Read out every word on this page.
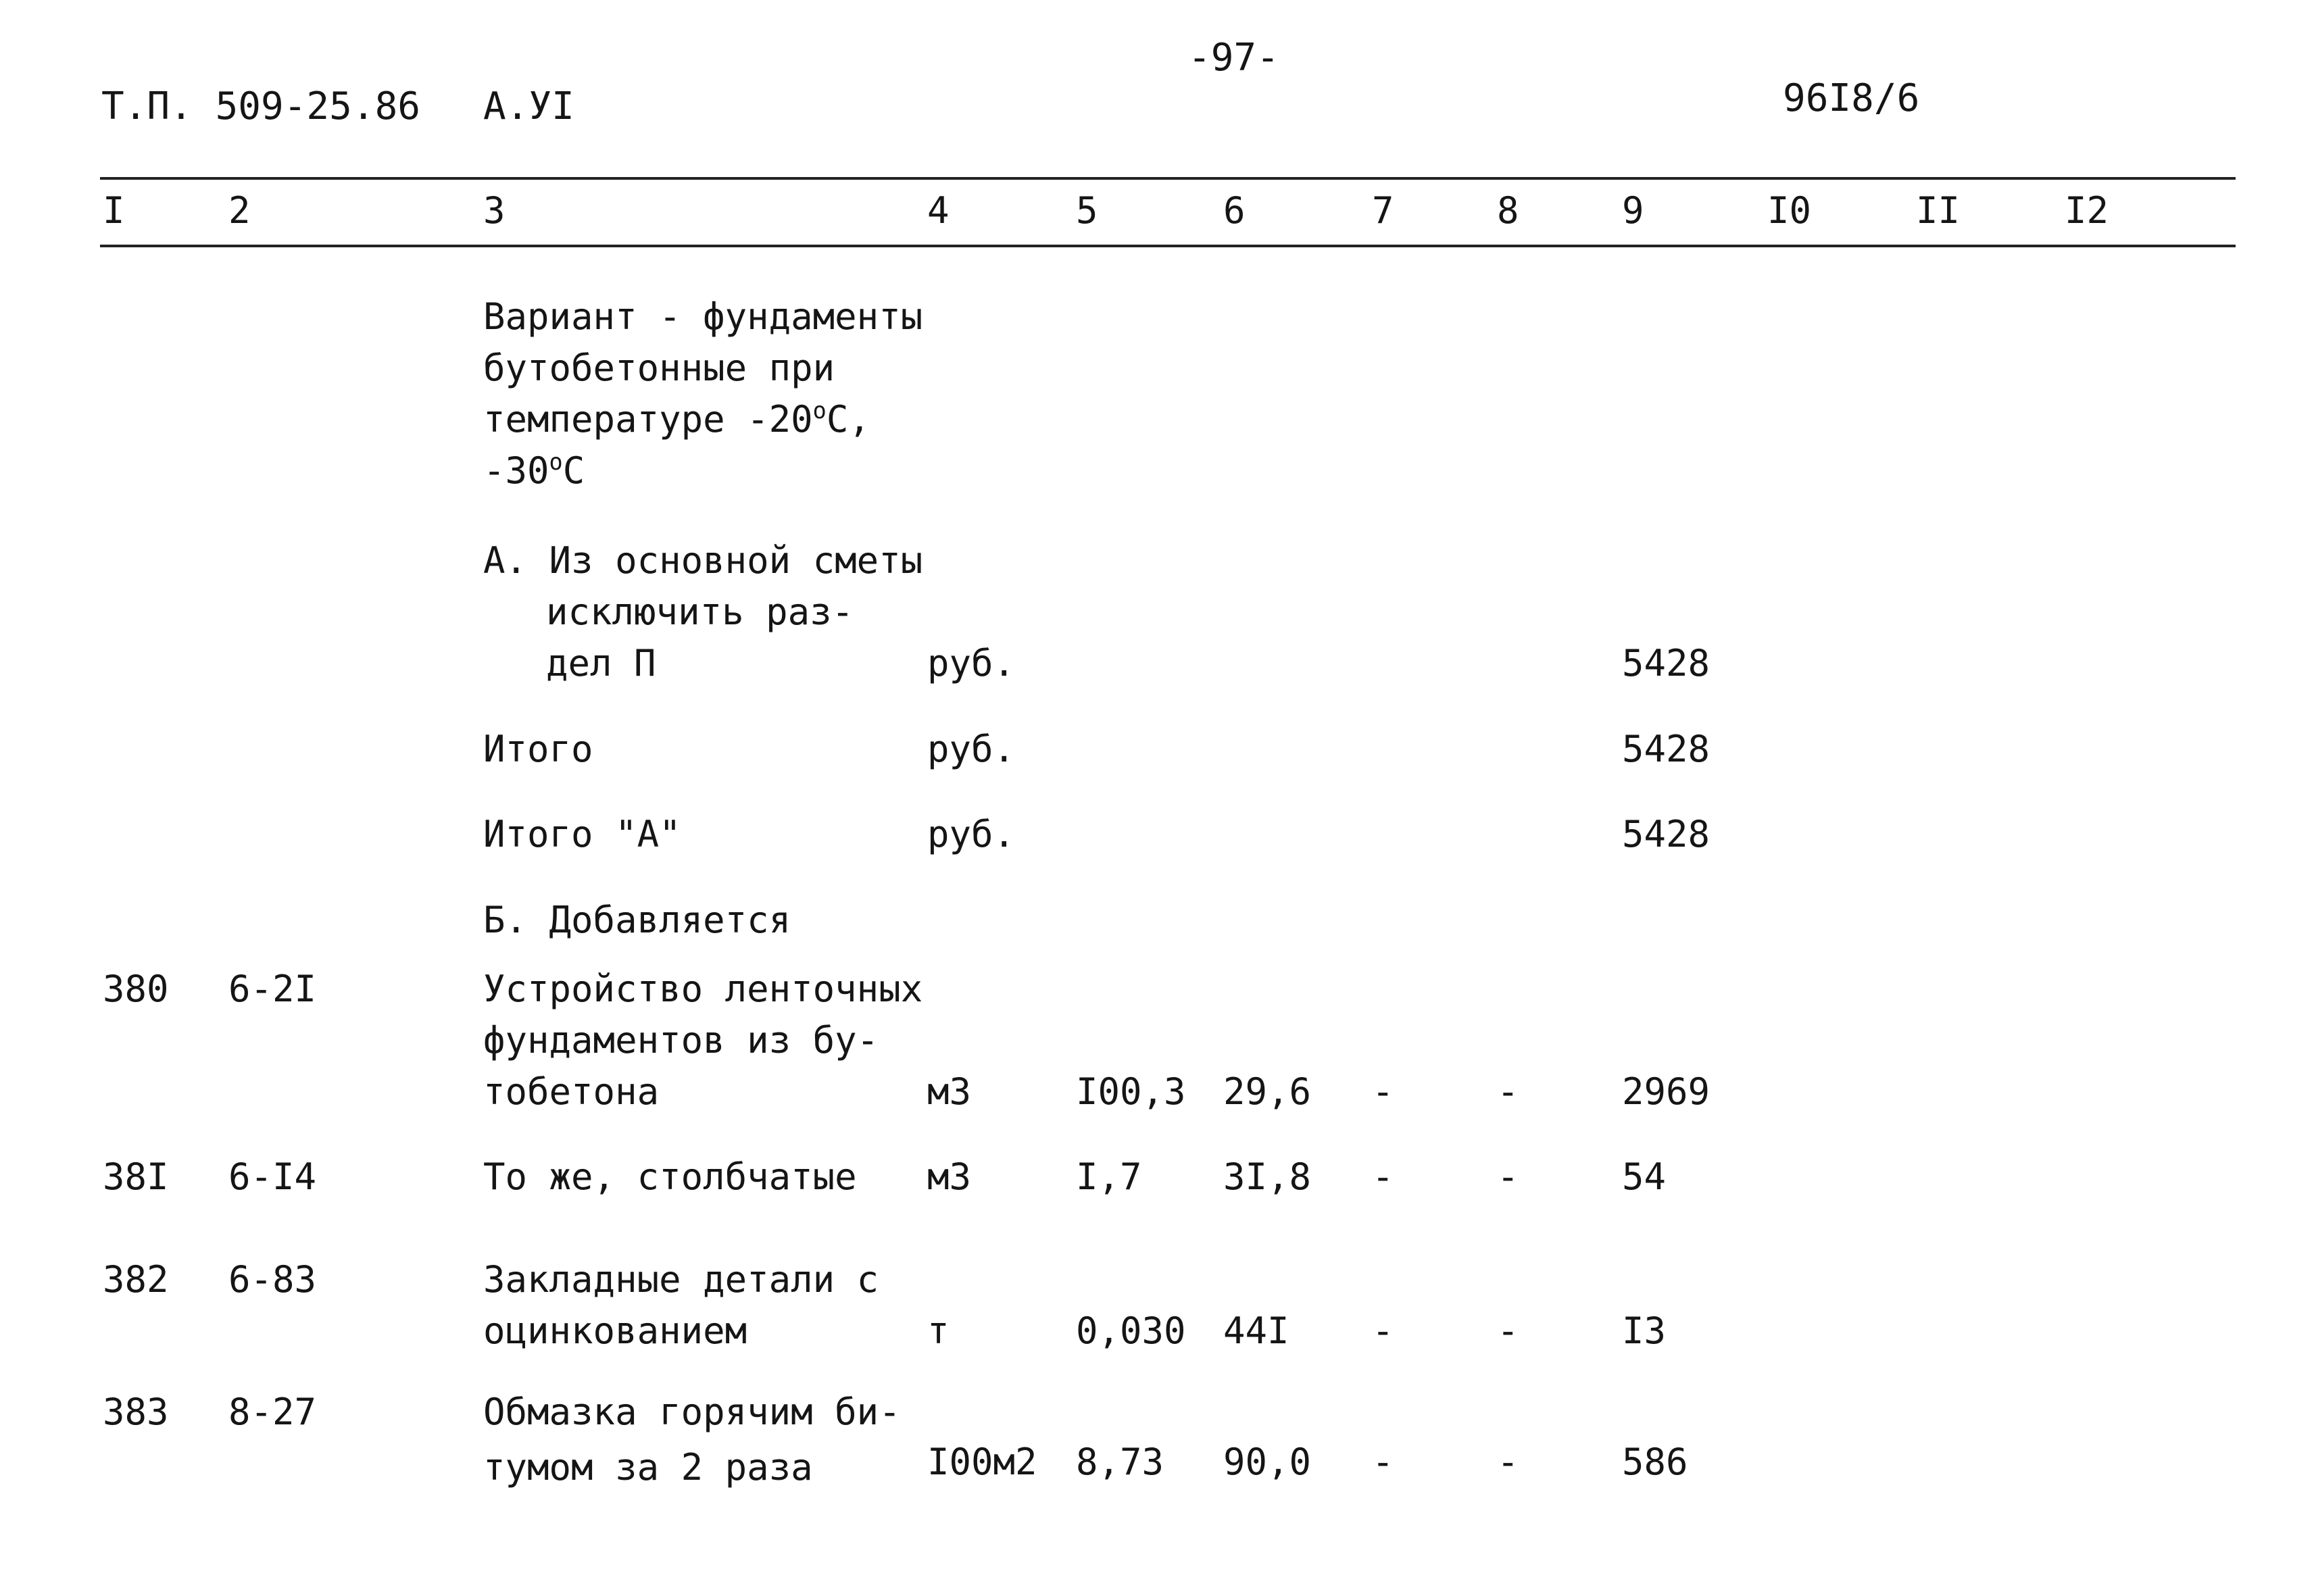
-97-
Т.П. 509-25.86 А.УI	96I8/6
I	2	3	4	5	6	7	8	9	I0	II	I2
Вариант - фундаменты
бутобетонные при
температуре $-20^оС$,
$-30^оС$
А. Из основной сметы
исключить раз-
дел П	руб.	5428
Итого	руб.	5428
Итого "А"	руб.	5428
Б. Добавляется
380 6-2I	Устройство ленточных
фундаментов из бу-
тобетона	м3	I00,3 29,6 -	-	2969
38I 6-I4	То же, столбчатые м3	I,7 3I,8 -	-	54
382 6-83	Закладные детали с
оцинкованием	т	0,030 44I -	-	I3
383 8-27	Обмазка горячим би-
тумом за 2 раза	I00м2 8,73 90,0 -	-	586
